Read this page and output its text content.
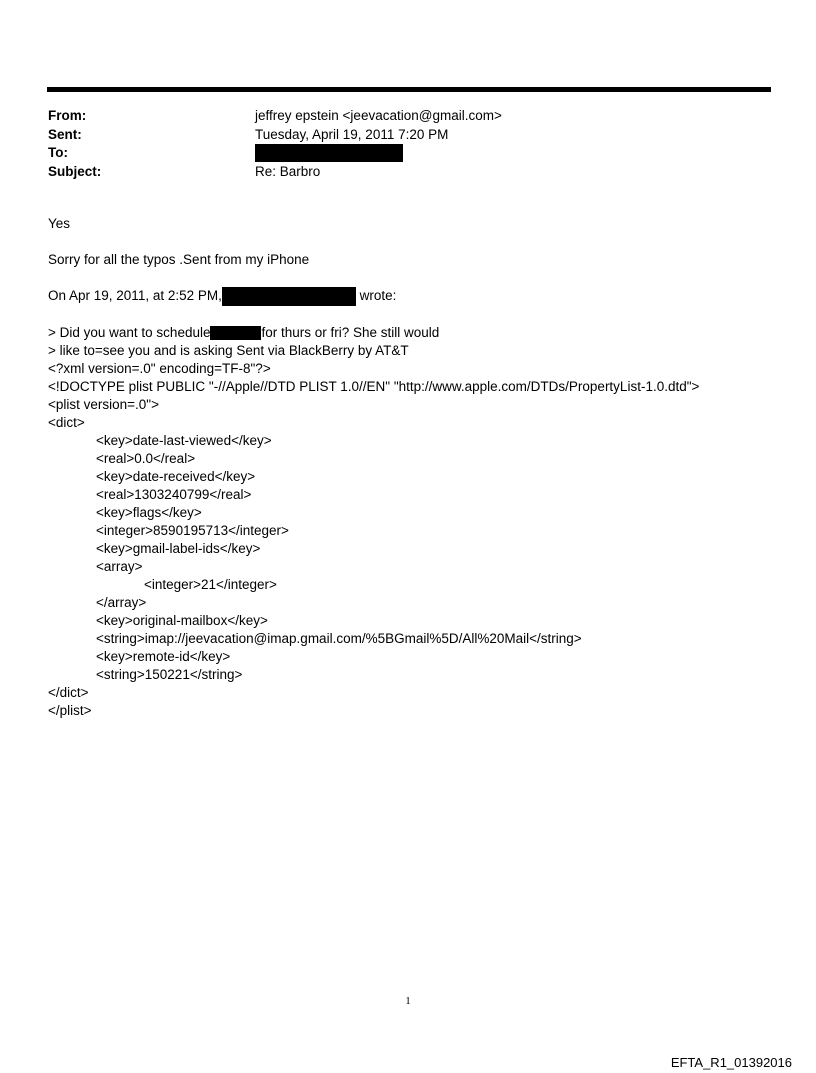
From:	jeffrey epstein <jeevacation@gmail.com>
Sent:	Tuesday, April 19, 2011 7:20 PM
To:
Subject:	Re: Barbro

Yes

Sorry for all the typos .Sent from my iPhone

On Apr 19, 2011, at 2:52 PM,	wrote:

> Did you want to schedule	for thurs or fri? She still would

> like to=see you and is asking Sent via BlackBerry by AT&T

<?xml version=.0" encoding=TF-8"?>

<!DOCTYPE plist PUBLIC "-//Apple//DTD PLIST 1.0//EN" "http://www.apple.com/DTDs/PropertyList-1.0.dtd">

<plist version=.0">

<dict>

<key>date-last-viewed</key>

<real>0.0</real>

<key>date-received</key>

<real>1303240799</real>

<key>flags</key>

<integer>8590195713</integer>

<key>gmail-label-ids</key>

<array>

<integer>21</integer>

</array>

<key>original-mailbox</key>

<string>imap://jeevacation@imap.gmail.com/%5BGmail%5D/All%20Mail</string>

<key>remote-id</key>

<string>150221</string>

</dict>

</plist>

1
EFTA_R1_01392016
